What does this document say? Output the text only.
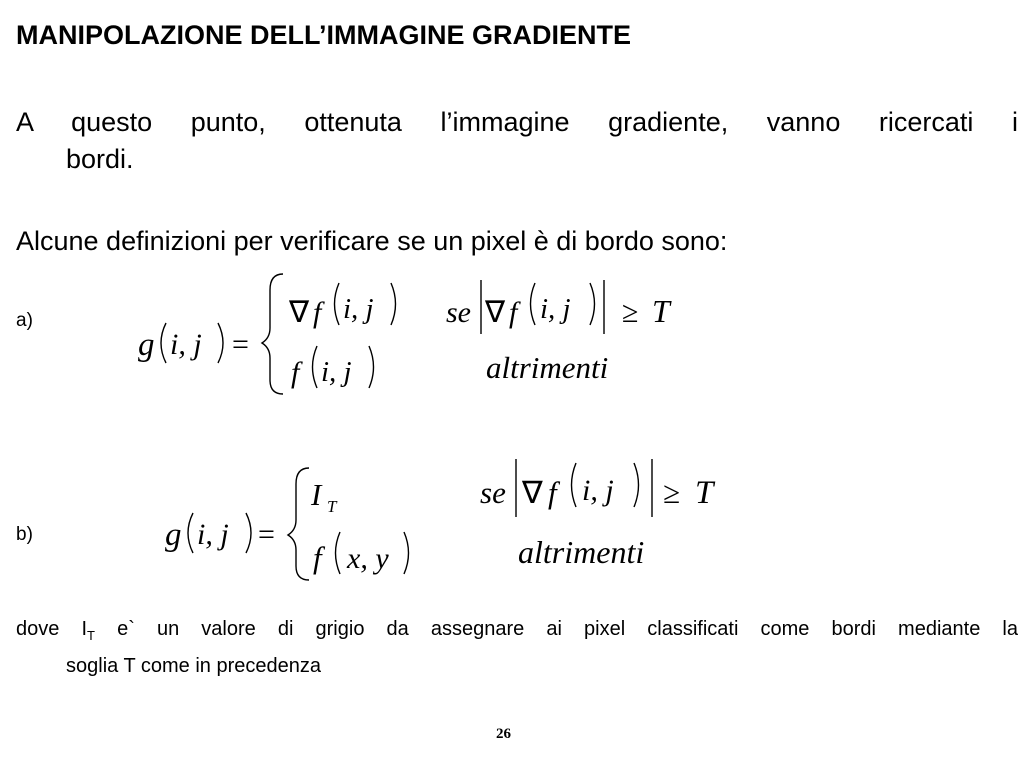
MANIPOLAZIONE DELL’IMMAGINE GRADIENTE
A questo punto, ottenuta l’immagine gradiente, vanno ricercati i
bordi.
Alcune definizioni per verificare se un pixel è di bordo sono:
a)
b)
g i, j =
∇ f i, j se ∇ f i, j ≥ T
f i, j	altrimenti
g i, j =
I T	se ∇ f i, j ≥ T
f x, y	altrimenti
dove $I_T$ e` un valore di grigio da assegnare ai pixel classificati come bordi mediante la
soglia T come in precedenza
26
